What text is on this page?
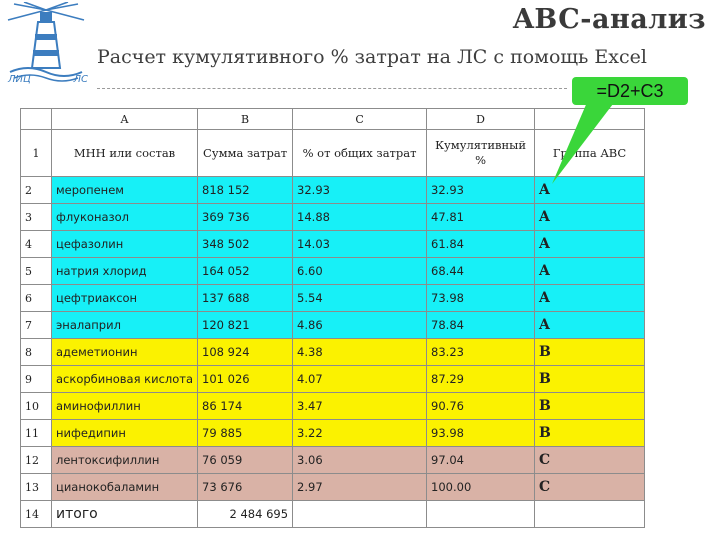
ЛИЦ	ЛС
ABC-анализ
Расчет кумулятивного % затрат на ЛС с помощь Excel
	A	B	C	D	
1	МНН или состав	Сумма затрат	% от общих затрат	Кумулятивный %	Группа ABC
2	меропенем	818 152	32.93	32.93	A
3	флуконазол	369 736	14.88	47.81	A
4	цефазолин	348 502	14.03	61.84	A
5	натрия хлорид	164 052	6.60	68.44	A
6	цефтриаксон	137 688	5.54	73.98	A
7	эналаприл	120 821	4.86	78.84	A
8	адеметионин	108 924	4.38	83.23	B
9	аскорбиновая кислота	101 026	4.07	87.29	B
10	аминофиллин	86 174	3.47	90.76	B
11	нифедипин	79 885	3.22	93.98	B
12	лентоксифиллин	76 059	3.06	97.04	C
13	цианокобаламин	73 676	2.97	100.00	C
14	итого	2 484 695			
=D2+C3
